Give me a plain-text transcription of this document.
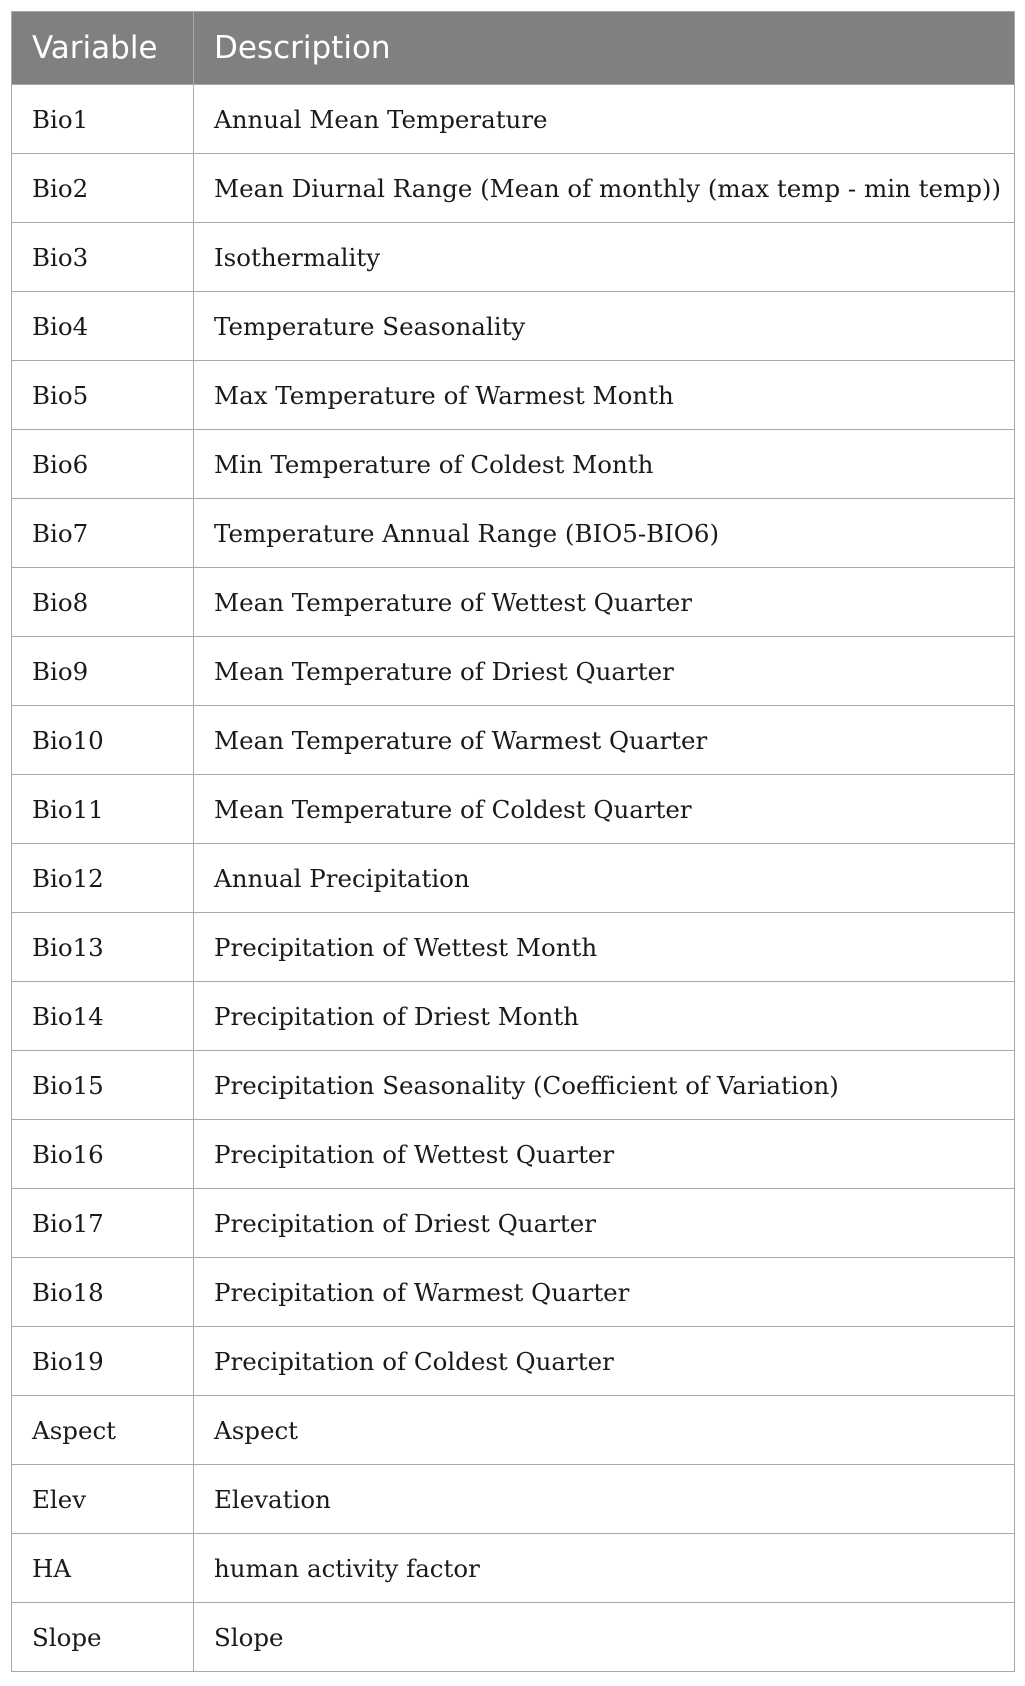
Variable	Description
Bio1	Annual Mean Temperature
Bio2	Mean Diurnal Range (Mean of monthly (max temp - min temp))
Bio3	Isothermality
Bio4	Temperature Seasonality
Bio5	Max Temperature of Warmest Month
Bio6	Min Temperature of Coldest Month
Bio7	Temperature Annual Range (BIO5-BIO6)
Bio8	Mean Temperature of Wettest Quarter
Bio9	Mean Temperature of Driest Quarter
Bio10	Mean Temperature of Warmest Quarter
Bio11	Mean Temperature of Coldest Quarter
Bio12	Annual Precipitation
Bio13	Precipitation of Wettest Month
Bio14	Precipitation of Driest Month
Bio15	Precipitation Seasonality (Coefficient of Variation)
Bio16	Precipitation of Wettest Quarter
Bio17	Precipitation of Driest Quarter
Bio18	Precipitation of Warmest Quarter
Bio19	Precipitation of Coldest Quarter
Aspect	Aspect
Elev	Elevation
HA	human activity factor
Slope	Slope
